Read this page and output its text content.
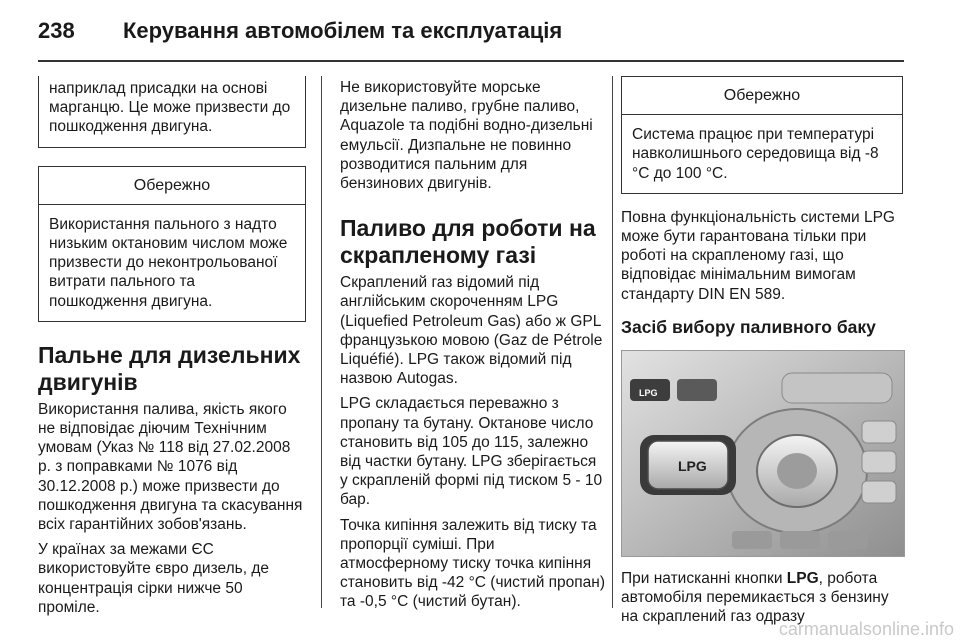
238 Керування автомобілем та експлуатація

наприклад присадки на основі марганцю. Це може призвести до пошкодження двигуна.

Обережно
Використання пального з надто низьким октановим числом може призвести до неконтрольованої витрати пального та пошкодження двигуна.
Пальне для дизельних двигунів

Використання палива, якість якого не відповідає діючим Технічним умовам (Указ № 118 від 27.02.2008 р. з поправками № 1076 від 30.12.2008 р.) може призвести до пошкодження двигуна та скасування всіх гарантійних зобов'язань.

У країнах за межами ЄС використовуйте євро дизель, де концентрація сірки нижче 50 проміле.

Не використовуйте морське дизельне паливо, грубне паливо, Aquazole та подібні водно-дизельні емульсії. Дизпальне не повинно розводитися пальним для бензинових двигунів.

Паливо для роботи на скрапленому газі

Скраплений газ відомий під англійським скороченням LPG (Liquefied Petroleum Gas) або ж GPL французькою мовою (Gaz de Pétrole Liquéfié). LPG також відомий під назвою Autogas.

LPG складається переважно з пропану та бутану. Октанове число становить від 105 до 115, залежно від частки бутану. LPG зберігається у скрапленій формі під тиском 5 - 10 бар.

Точка кипіння залежить від тиску та пропорції суміші. При атмосферному тиску точка кипіння становить від -42 °C (чистий пропан) та -0,5 °C (чистий бутан).

Обережно
Система працює при температурі навколишнього середовища від -8 °C до 100 °C.

Повна функціональність системи LPG може бути гарантована тільки при роботі на скрапленому газі, що відповідає мінімальним вимогам стандарту DIN EN 589.

Засіб вибору паливного баку
LPG
LPG

При натисканні кнопки LPG, робота автомобіля перемикається з бензину на скраплений газ одразу

carmanualsonline.info
